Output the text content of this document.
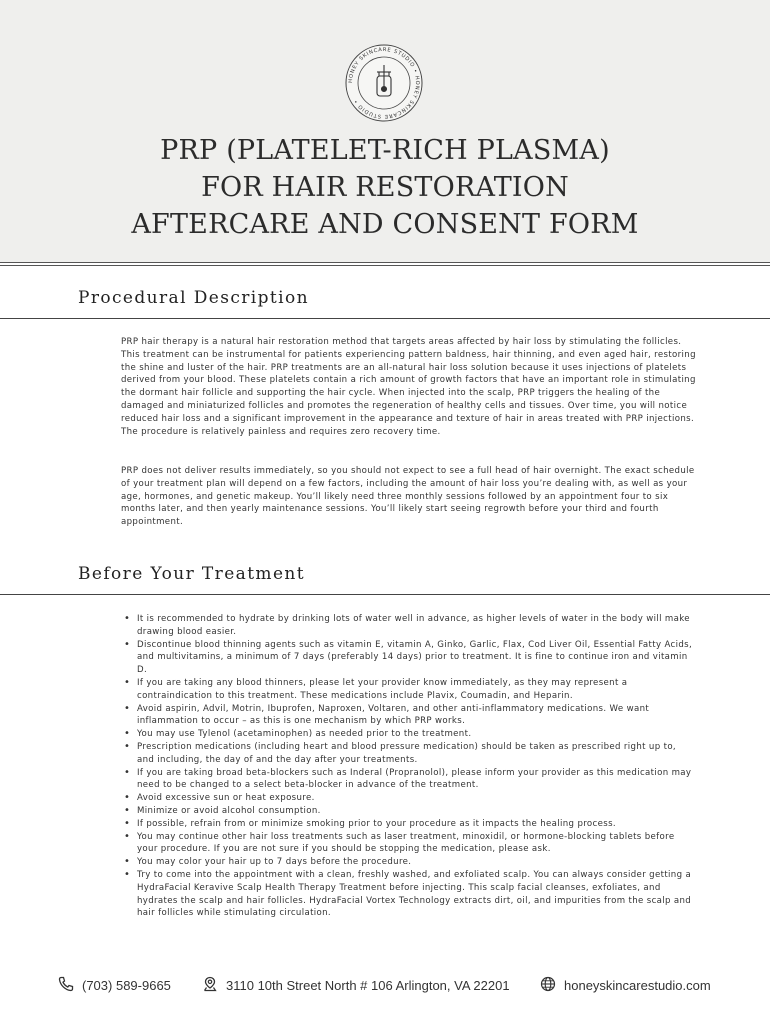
HONEY SKINCARE STUDIO • HONEY SKINCARE STUDIO •
PRP (PLATELET-RICH PLASMA)
FOR HAIR RESTORATION
AFTERCARE AND CONSENT FORM
Procedural Description

PRP hair therapy is a natural hair restoration method that targets areas affected by hair loss by stimulating the follicles. This treatment can be instrumental for patients experiencing pattern baldness, hair thinning, and even aged hair, restoring the shine and luster of the hair. PRP treatments are an all-natural hair loss solution because it uses injections of platelets derived from your blood. These platelets contain a rich amount of growth factors that have an important role in stimulating the dormant hair follicle and supporting the hair cycle. When injected into the scalp, PRP triggers the healing of the damaged and miniaturized follicles and promotes the regeneration of healthy cells and tissues. Over time, you will notice reduced hair loss and a significant improvement in the appearance and texture of hair in areas treated with PRP injections. The procedure is relatively painless and requires zero recovery time.

PRP does not deliver results immediately, so you should not expect to see a full head of hair overnight. The exact schedule of your treatment plan will depend on a few factors, including the amount of hair loss you’re dealing with, as well as your age, hormones, and genetic makeup. You’ll likely need three monthly sessions followed by an appointment four to six months later, and then yearly maintenance sessions. You’ll likely start seeing regrowth before your third and fourth appointment.

Before Your Treatment
• It is recommended to hydrate by drinking lots of water well in advance, as higher levels of water in the body will make drawing blood easier.
• Discontinue blood thinning agents such as vitamin E, vitamin A, Ginko, Garlic, Flax, Cod Liver Oil, Essential Fatty Acids, and multivitamins, a minimum of 7 days (preferably 14 days) prior to treatment. It is fine to continue iron and vitamin D.
• If you are taking any blood thinners, please let your provider know immediately, as they may represent a contraindication to this treatment. These medications include Plavix, Coumadin, and Heparin.
• Avoid aspirin, Advil, Motrin, Ibuprofen, Naproxen, Voltaren, and other anti-inflammatory medications. We want inflammation to occur – as this is one mechanism by which PRP works.
• You may use Tylenol (acetaminophen) as needed prior to the treatment.
• Prescription medications (including heart and blood pressure medication) should be taken as prescribed right up to, and including, the day of and the day after your treatments.
• If you are taking broad beta-blockers such as Inderal (Propranolol), please inform your provider as this medication may need to be changed to a select beta-blocker in advance of the treatment.
• Avoid excessive sun or heat exposure.
• Minimize or avoid alcohol consumption.
• If possible, refrain from or minimize smoking prior to your procedure as it impacts the healing process.
• You may continue other hair loss treatments such as laser treatment, minoxidil, or hormone-blocking tablets before your procedure. If you are not sure if you should be stopping the medication, please ask.
• You may color your hair up to 7 days before the procedure.
• Try to come into the appointment with a clean, freshly washed, and exfoliated scalp. You can always consider getting a HydraFacial Keravive Scalp Health Therapy Treatment before injecting. This scalp facial cleanses, exfoliates, and hydrates the scalp and hair follicles. HydraFacial Vortex Technology extracts dirt, oil, and impurities from the scalp and hair follicles while stimulating circulation.
(703) 589-9665	3110 10th Street North # 106 Arlington, VA 22201	honeyskincarestudio.com
